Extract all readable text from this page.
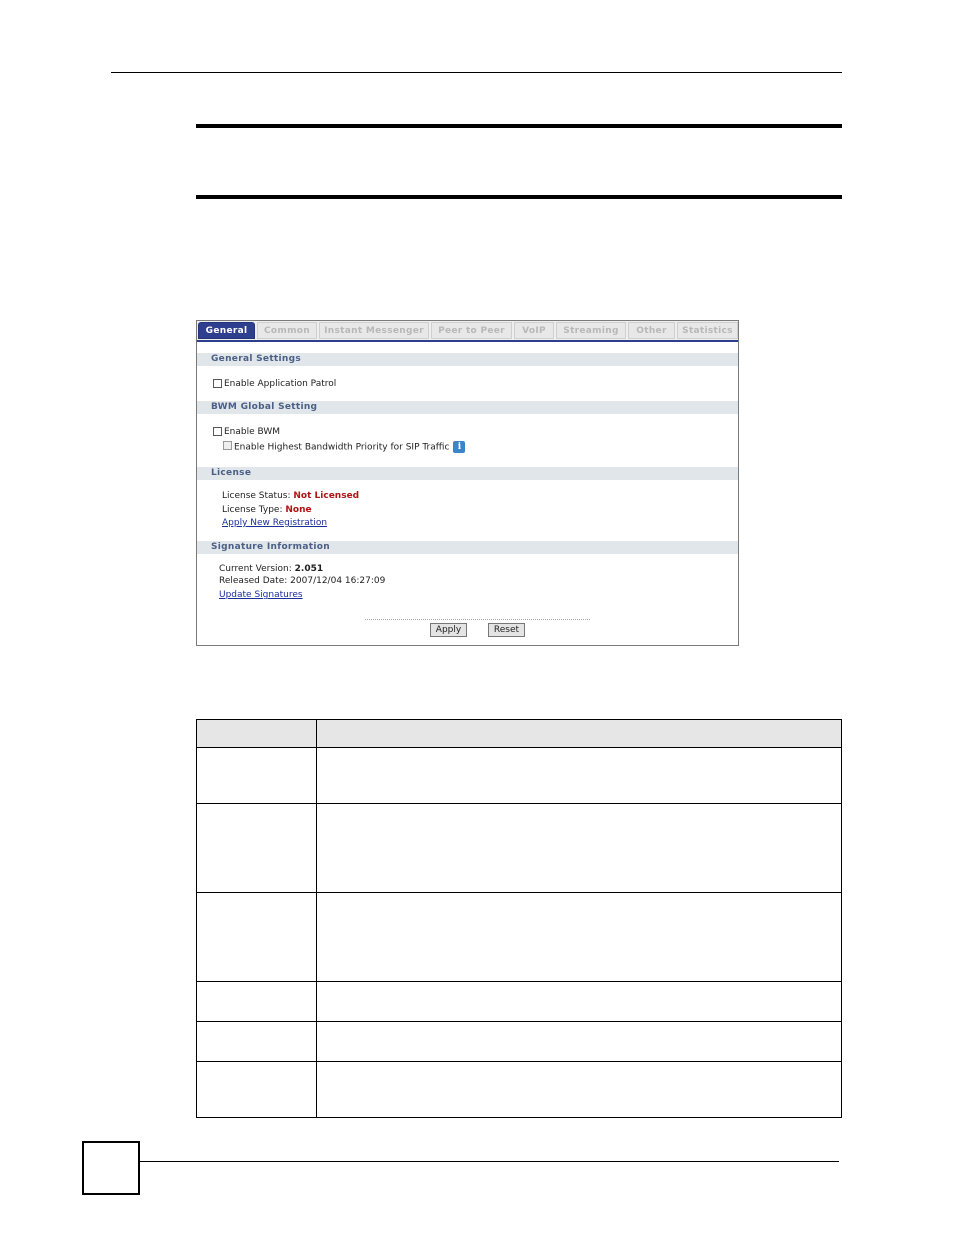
General	Common	Instant Messenger	Peer to Peer	VoIP	Streaming	Other	Statistics
General Settings
Enable Application Patrol
BWM Global Setting
Enable BWM
Enable Highest Bandwidth Priority for SIP Traffic i
License
License Status: Not Licensed
License Type: None
Apply New Registration
Signature Information
Current Version: 2.051
Released Date: 2007/12/04 16:27:09
Update Signatures
Apply	Reset
